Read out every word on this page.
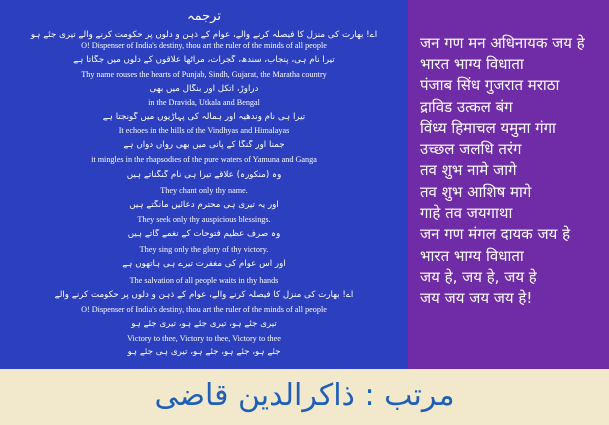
ترجمہ
اے! بھارت کی منزل کا فیصلہ کرنے والے، عوام کے ذہن و دلوں پر حکومت کرنے والے تیری جئے ہو
O! Dispenser of India's destiny, thou art the ruler of the minds of all people
تیرا نام ہی، پنجاب، سندھ، گجرات، مراٹھا علاقوں کے دلوں میں جگاتا ہے
Thy name rouses the hearts of Punjab, Sindh, Gujarat, the Maratha country
دراوڑ، اتکل اور بنگال میں بھی
in the Dravida, Utkala and Bengal
تیرا ہی نام وندھیہ اور ہمالہ کی پہاڑیوں میں گونجتا ہے
It echoes in the hills of the Vindhyas and Himalayas
جمنا اور گنگا کے پانی میں بھی رواں دواں ہے
it mingles in the rhapsodies of the pure waters of Yamuna and Ganga
وہ (منکورہ) علاقے تیرا ہی نام گنگناتے ہیں
They chant only thy name.
اور یہ تیری ہی محترم دعائیں مانگتے ہیں
They seek only thy auspicious blessings.
وہ صرف عظیم فتوحات کے نغمے گاتے ہیں
They sing only the glory of thy victory.
اور اس عوام کی مغفرت تیرے ہی ہاتھوں ہے
The salvation of all people waits in thy hands
اے! بھارت کی منزل کا فیصلہ کرنے والے، عوام کے ذہن و دلوں پر حکومت کرنے والے
O! Dispenser of India's destiny, thou art the ruler of the minds of all people
تیری جئے ہو، تیری جئے ہو، تیری جئے ہو
Victory to thee, Victory to thee, Victory to thee
جئے ہو، جئے ہو، جئے ہو، تیری ہی جئے ہو
जन गण मन अधिनायक जय हे
भारत भाग्य विधाता
पंजाब सिंध गुजरात मराठा
द्राविड उत्कल बंग
विंध्य हिमाचल यमुना गंगा
उच्छल जलधि तरंग
तव शुभ नामे जागे
तव शुभ आशिष मागे
गाहे तव जयगाथा
जन गण मंगल दायक जय हे
भारत भाग्य विधाता
जय हे, जय हे, जय हे
जय जय जय जय हे!
مرتب : ذاکرالدین قاضی
